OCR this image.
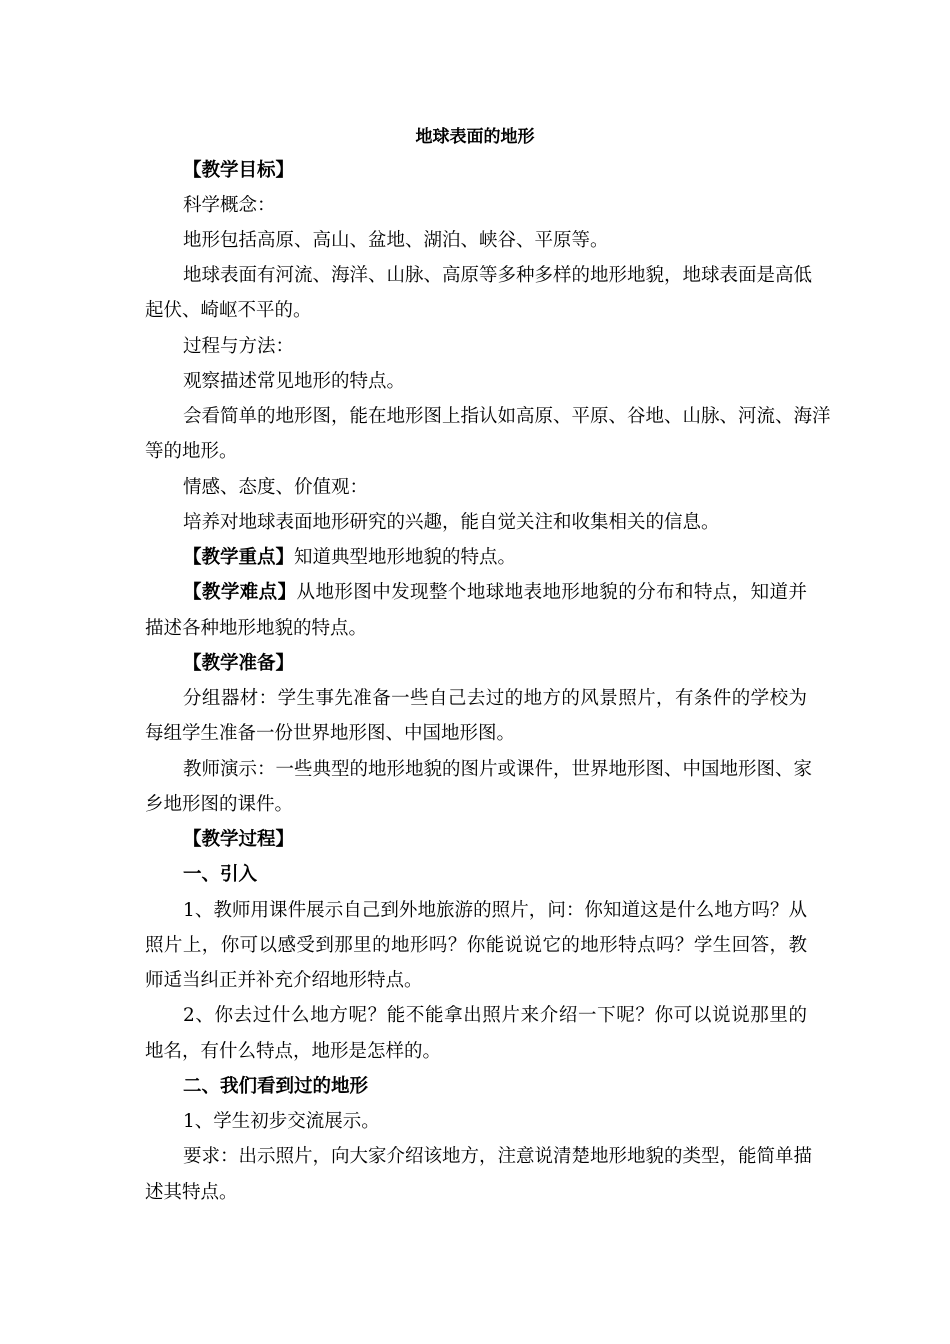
地球表面的地形
【教学目标】
科学概念：
地形包括高原、高山、盆地、湖泊、峡谷、平原等。
地球表面有河流、海洋、山脉、高原等多种多样的地形地貌，地球表面是高低
起伏、崎岖不平的。
过程与方法：
观察描述常见地形的特点。
会看简单的地形图，能在地形图上指认如高原、平原、谷地、山脉、河流、海洋
等的地形。
情感、态度、价值观：
培养对地球表面地形研究的兴趣，能自觉关注和收集相关的信息。
【教学重点】知道典型地形地貌的特点。
【教学难点】从地形图中发现整个地球地表地形地貌的分布和特点，知道并
描述各种地形地貌的特点。
【教学准备】
分组器材：学生事先准备一些自己去过的地方的风景照片，有条件的学校为
每组学生准备一份世界地形图、中国地形图。
教师演示：一些典型的地形地貌的图片或课件，世界地形图、中国地形图、家
乡地形图的课件。
【教学过程】
一、引入
1、教师用课件展示自己到外地旅游的照片，问：你知道这是什么地方吗？从
照片上，你可以感受到那里的地形吗？你能说说它的地形特点吗？学生回答，教
师适当纠正并补充介绍地形特点。
2、你去过什么地方呢？能不能拿出照片来介绍一下呢？你可以说说那里的
地名，有什么特点，地形是怎样的。
二、我们看到过的地形
1、学生初步交流展示。
要求：出示照片，向大家介绍该地方，注意说清楚地形地貌的类型，能简单描
述其特点。
